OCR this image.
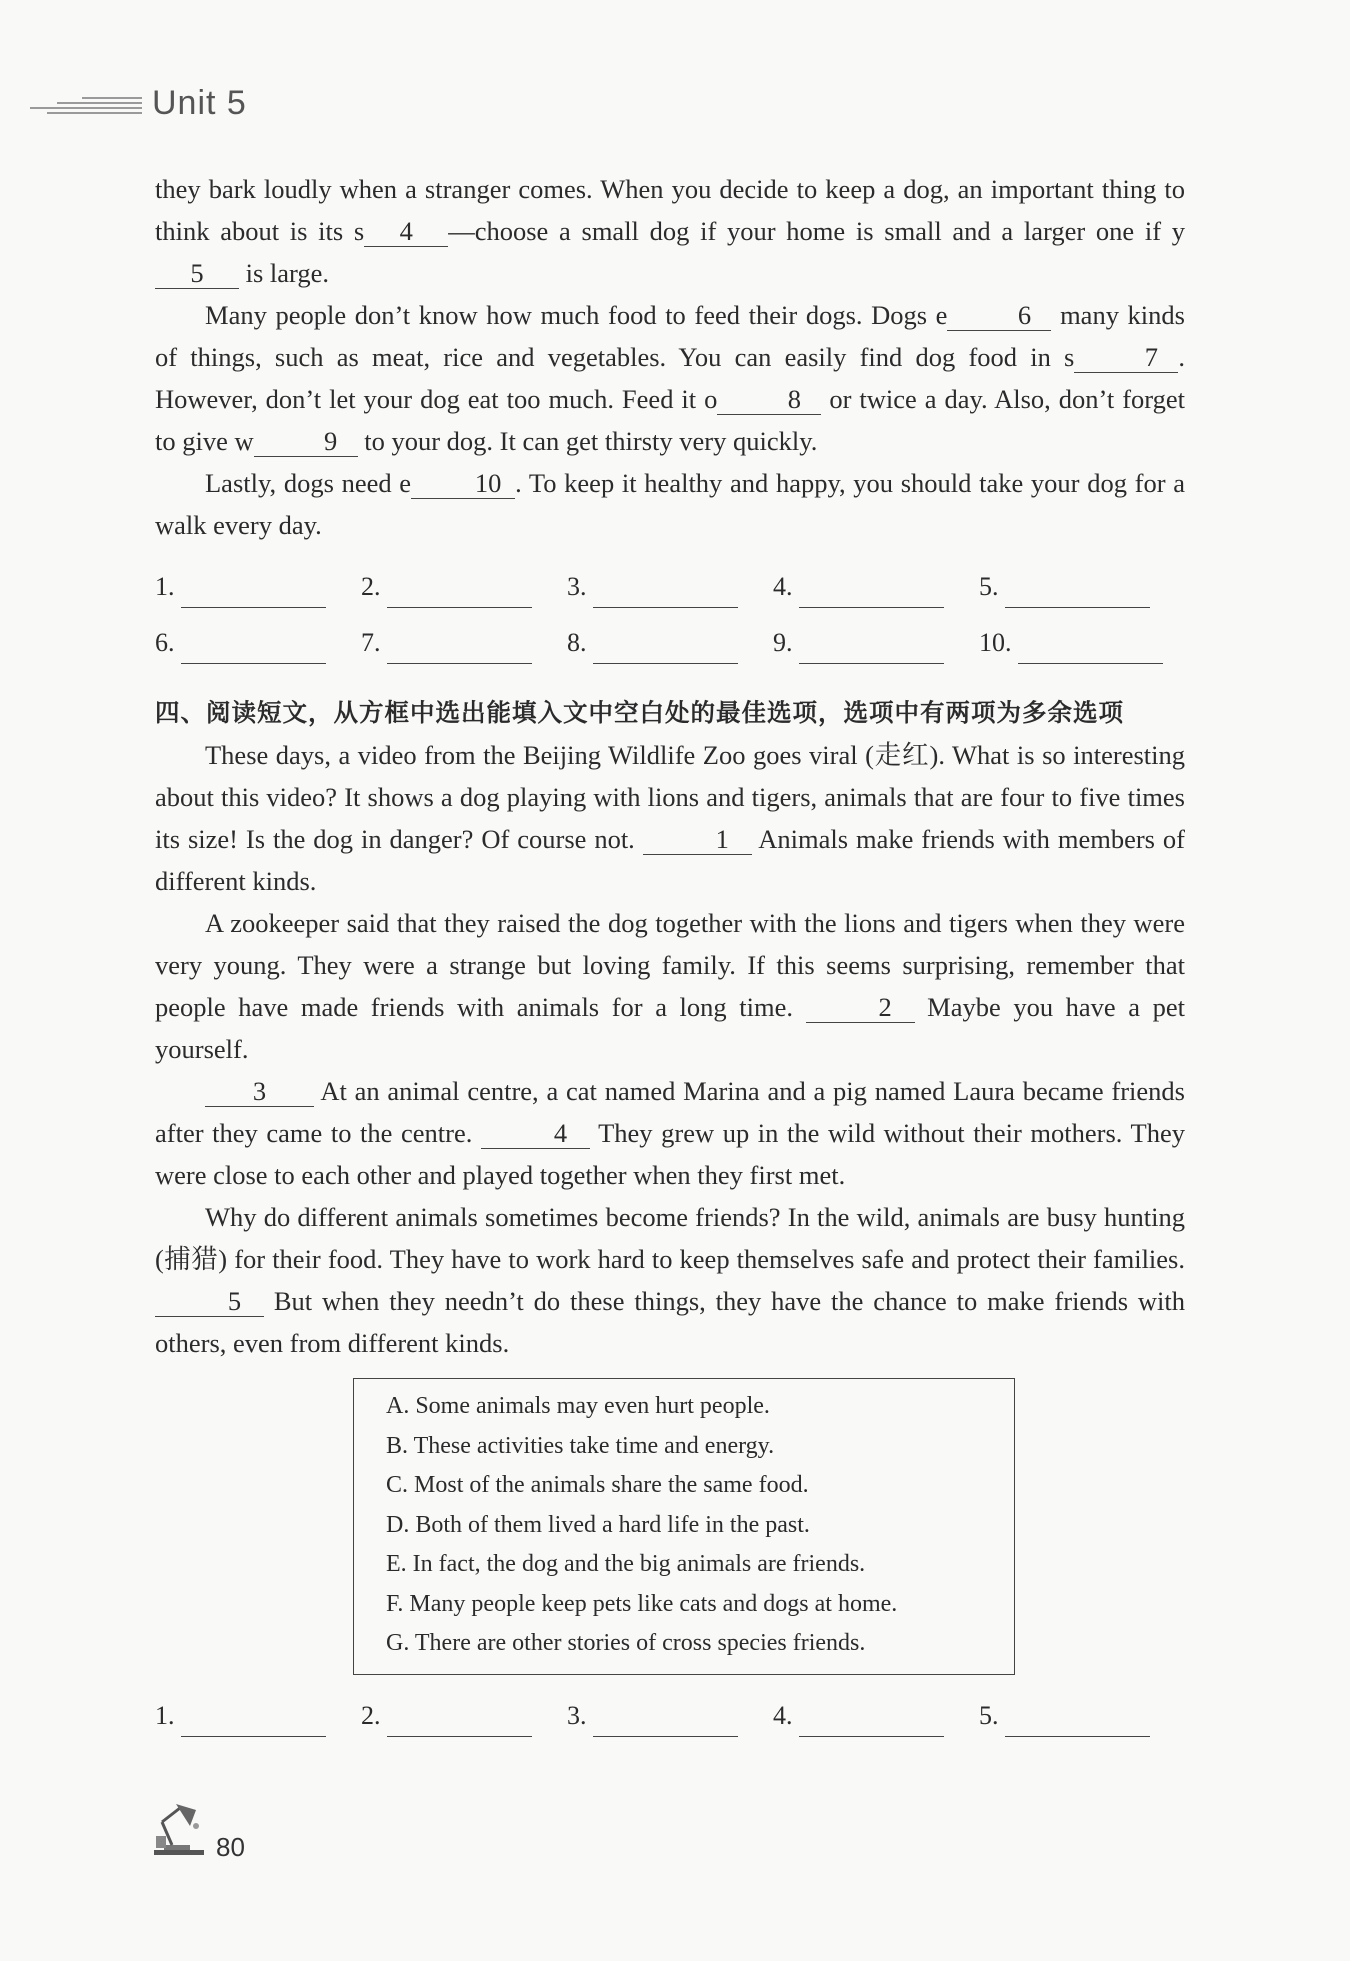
Unit 5

they bark loudly when a stranger comes. When you decide to keep a dog, an important thing to think about is its s 4 —choose a small dog if your home is small and a larger one if y5 is large.

Many people don’t know how much food to feed their dogs. Dogs e	6 many kinds of things, such as meat, rice and vegetables. You can easily find dog food in s	7 . However, don’t let your dog eat too much. Feed it o	8 or twice a day. Also, don’t forget to give w	9 to your dog. It can get thirsty very quickly.

Lastly, dogs need e 10 . To keep it healthy and happy, you should take your dog for a walk every day.

1.	2.	3.	4.	5.
6.	7.	8.	9.	10.
四、阅读短文，从方框中选出能填入文中空白处的最佳选项，选项中有两项为多余选项

These days, a video from the Beijing Wildlife Zoo goes viral (走红). What is so interesting about this video? It shows a dog playing with lions and tigers, animals that are four to five times its size! Is the dog in danger? Of course not.	1 Animals make friends with members of different kinds.

A zookeeper said that they raised the dog together with the lions and tigers when they were very young. They were a strange but loving family. If this seems surprising, remember that people have made friends with animals for a long time.	2 Maybe you have a pet yourself.

3 At an animal centre, a cat named Marina and a pig named Laura became friends after they came to the centre.	4 They grew up in the wild without their mothers. They were close to each other and played together when they first met.

Why do different animals sometimes become friends? In the wild, animals are busy hunting (捕猎) for their food. They have to work hard to keep themselves safe and protect their families. 5 But when they needn’t do these things, they have the chance to make friends with others, even from different kinds.

A. Some animals may even hurt people.
B. These activities take time and energy.
C. Most of the animals share the same food.
D. Both of them lived a hard life in the past.
E. In fact, the dog and the big animals are friends.
F. Many people keep pets like cats and dogs at home.
G. There are other stories of cross species friends.
1.	2.	3.	4.	5.
80
